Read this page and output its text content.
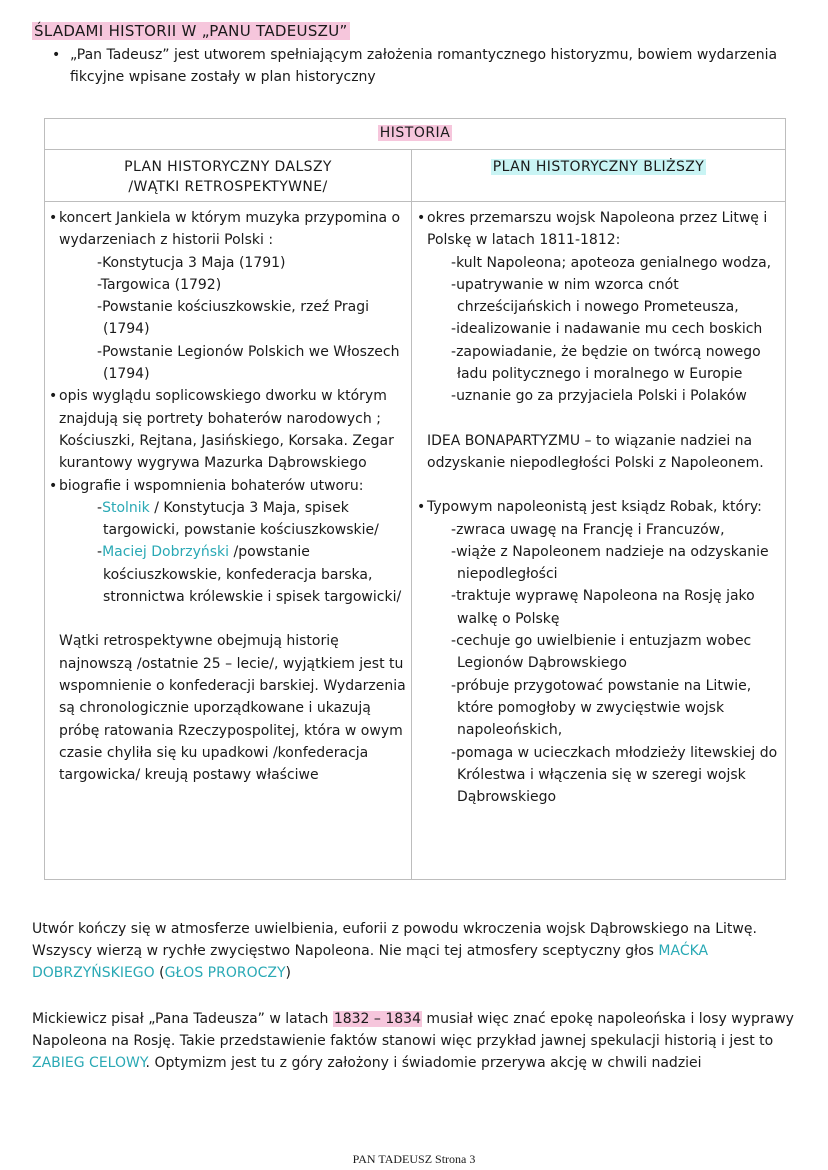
ŚLADAMI HISTORII W „PANU TADEUSZU”
• „Pan Tadeusz” jest utworem spełniającym założenia romantycznego historyzmu, bowiem wydarzenia fikcyjne wpisane zostały w plan historyczny
HISTORIA
PLAN HISTORYCZNY DALSZY
/WĄTKI RETROSPEKTYWNE/
PLAN HISTORYCZNY BLIŻSZY
• koncert Jankiela w którym muzyka przypomina o wydarzeniach z historii Polski :
- Konstytucja 3 Maja (1791)
- Targowica (1792)
- Powstanie kościuszkowskie, rzeź Pragi (1794)
- Powstanie Legionów Polskich we Włoszech (1794)
• opis wyglądu soplicowskiego dworku w którym znajdują się portrety bohaterów narodowych ; Kościuszki, Rejtana, Jasińskiego, Korsaka. Zegar kurantowy wygrywa Mazurka Dąbrowskiego
• biografie i wspomnienia bohaterów utworu:
- Stolnik / Konstytucja 3 Maja, spisek targowicki, powstanie kościuszkowskie/
- Maciej Dobrzyński /powstanie kościuszkowskie, konfederacja barska, stronnictwa królewskie i spisek targowicki/
Wątki retrospektywne obejmują historię najnowszą /ostatnie 25 – lecie/, wyjątkiem jest tu wspomnienie o konfederacji barskiej. Wydarzenia są chronologicznie uporządkowane i ukazują próbę ratowania Rzeczypospolitej, która w owym czasie chyliła się ku upadkowi /konfederacja targowicka/ kreują postawy właściwe
• okres przemarszu wojsk Napoleona przez Litwę i Polskę w latach 1811-1812:
- kult Napoleona; apoteoza genialnego wodza,
- upatrywanie w nim wzorca cnót chrześcijańskich i nowego Prometeusza,
- idealizowanie i nadawanie mu cech boskich
- zapowiadanie, że będzie on twórcą nowego ładu politycznego i moralnego w Europie
- uznanie go za przyjaciela Polski i Polaków
IDEA BONAPARTYZMU – to wiązanie nadziei na odzyskanie niepodległości Polski z Napoleonem.
• Typowym napoleonistą jest ksiądz Robak, który:
- zwraca uwagę na Francję i Francuzów,
- wiąże z Napoleonem nadzieje na odzyskanie niepodległości
- traktuje wyprawę Napoleona na Rosję jako walkę o Polskę
- cechuje go uwielbienie i entuzjazm wobec Legionów Dąbrowskiego
- próbuje przygotować powstanie na Litwie, które pomogłoby w zwycięstwie wojsk napoleońskich,
- pomaga w ucieczkach młodzieży litewskiej do Królestwa i włączenia się w szeregi wojsk Dąbrowskiego
Utwór kończy się w atmosferze uwielbienia, euforii z powodu wkroczenia wojsk Dąbrowskiego na Litwę. Wszyscy wierzą w rychłe zwycięstwo Napoleona. Nie mąci tej atmosfery sceptyczny głos MAĆKA DOBRZYŃSKIEGO (GŁOS PROROCZY)
Mickiewicz pisał „Pana Tadeusza” w latach 1832 – 1834 musiał więc znać epokę napoleońska i losy wyprawy Napoleona na Rosję. Takie przedstawienie faktów stanowi więc przykład jawnej spekulacji historią i jest to ZABIEG CELOWY. Optymizm jest tu z góry założony i świadomie przerywa akcję w chwili nadziei
PAN TADEUSZ Strona 3
